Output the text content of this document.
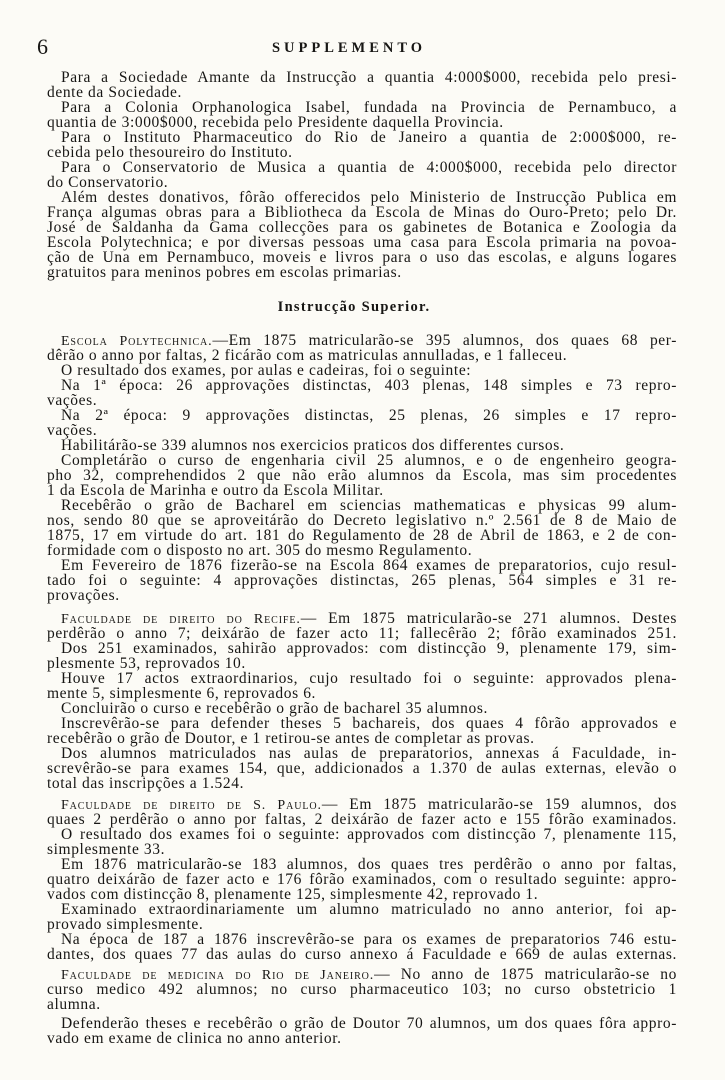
6	SUPPLEMENTO
Para a Sociedade Amante da Instrucção a quantia 4:000$000, recebida pelo presi-
dente da Sociedade.
Para a Colonia Orphanologica Isabel, fundada na Provincia de Pernambuco, a
quantia de 3:000$000, recebida pelo Presidente daquella Provincia.
Para o Instituto Pharmaceutico do Rio de Janeiro a quantia de 2:000$000, re-
cebida pelo thesoureiro do Instituto.
Para o Conservatorio de Musica a quantia de 4:000$000, recebida pelo director
do Conservatorio.
Além destes donativos, fôrão offerecidos pelo Ministerio de Instrucção Publica em
França algumas obras para a Bibliotheca da Escola de Minas do Ouro-Preto; pelo Dr.
José de Saldanha da Gama collecções para os gabinetes de Botanica e Zoologia da
Escola Polytechnica; e por diversas pessoas uma casa para Escola primaria na povoa-
ção de Una em Pernambuco, moveis e livros para o uso das escolas, e alguns logares
gratuitos para meninos pobres em escolas primarias.
Instrucção Superior.
Escola Polytechnica.—Em 1875 matricularão-se 395 alumnos, dos quaes 68 per-
dêrão o anno por faltas, 2 ficárão com as matriculas annulladas, e 1 falleceu.
O resultado dos exames, por aulas e cadeiras, foi o seguinte:
Na 1ª época: 26 approvações distinctas, 403 plenas, 148 simples e 73 repro-
vações.
Na 2ª época: 9 approvações distinctas, 25 plenas, 26 simples e 17 repro-
vações.
Habilitárão-se 339 alumnos nos exercicios praticos dos differentes cursos.
Completárão o curso de engenharia civil 25 alumnos, e o de engenheiro geogra-
pho 32, comprehendidos 2 que não erão alumnos da Escola, mas sim procedentes
1 da Escola de Marinha e outro da Escola Militar.
Recebêrão o grão de Bacharel em sciencias mathematicas e physicas 99 alum-
nos, sendo 80 que se aproveitárão do Decreto legislativo n.º 2.561 de 8 de Maio de
1875, 17 em virtude do art. 181 do Regulamento de 28 de Abril de 1863, e 2 de con-
formidade com o disposto no art. 305 do mesmo Regulamento.
Em Fevereiro de 1876 fizerão-se na Escola 864 exames de preparatorios, cujo resul-
tado foi o seguinte: 4 approvações distinctas, 265 plenas, 564 simples e 31 re-
provações.
Faculdade de direito do Recife.— Em 1875 matricularão-se 271 alumnos. Destes
perdêrão o anno 7; deixárão de fazer acto 11; fallecêrão 2; fôrão examinados 251.
Dos 251 examinados, sahirão approvados: com distincção 9, plenamente 179, sim-
plesmente 53, reprovados 10.
Houve 17 actos extraordinarios, cujo resultado foi o seguinte: approvados plena-
mente 5, simplesmente 6, reprovados 6.
Concluirão o curso e recebêrão o grão de bacharel 35 alumnos.
Inscrevêrão-se para defender theses 5 bachareis, dos quaes 4 fôrão approvados e
recebêrão o grão de Doutor, e 1 retirou-se antes de completar as provas.
Dos alumnos matriculados nas aulas de preparatorios, annexas á Faculdade, in-
screvêrão-se para exames 154, que, addicionados a 1.370 de aulas externas, elevão o
total das inscripções a 1.524.
Faculdade de direito de S. Paulo.— Em 1875 matricularão-se 159 alumnos, dos
quaes 2 perdêrão o anno por faltas, 2 deixárão de fazer acto e 155 fôrão examinados.
O resultado dos exames foi o seguinte: approvados com distincção 7, plenamente 115,
simplesmente 33.
Em 1876 matricularão-se 183 alumnos, dos quaes tres perdêrão o anno por faltas,
quatro deixárão de fazer acto e 176 fôrão examinados, com o resultado seguinte: appro-
vados com distincção 8, plenamente 125, simplesmente 42, reprovado 1.
Examinado extraordinariamente um alumno matriculado no anno anterior, foi ap-
provado simplesmente.
Na época de 187 a 1876 inscrevêrão-se para os exames de preparatorios 746 estu-
dantes, dos quaes 77 das aulas do curso annexo á Faculdade e 669 de aulas externas.
Faculdade de medicina do Rio de Janeiro.— No anno de 1875 matricularão-se no
curso medico 492 alumnos; no curso pharmaceutico 103; no curso obstetricio 1
alumna.
Defenderão theses e recebêrão o grão de Doutor 70 alumnos, um dos quaes fôra appro-
vado em exame de clinica no anno anterior.
